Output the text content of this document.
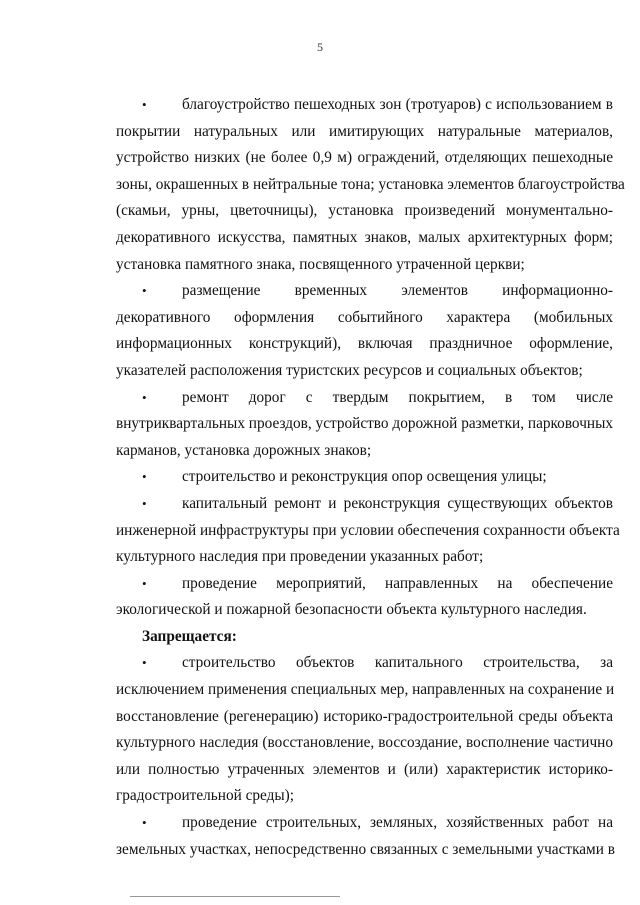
5
•	благоустройство пешеходных зон (тротуаров) с использованием в
покрытии натуральных или имитирующих натуральные материалов,
устройство низких (не более 0,9 м) ограждений, отделяющих пешеходные
зоны, окрашенных в нейтральные тона; установка элементов благоустройства
(скамьи, урны, цветочницы), установка произведений монументально-
декоративного искусства, памятных знаков, малых архитектурных форм;
установка памятного знака, посвященного утраченной церкви;
•	размещение временных элементов информационно-
декоративного оформления событийного характера (мобильных
информационных конструкций), включая праздничное оформление,
указателей расположения туристских ресурсов и социальных объектов;
•	ремонт дорог с твердым покрытием, в том числе
внутриквартальных проездов, устройство дорожной разметки, парковочных
карманов, установка дорожных знаков;
•	строительство и реконструкция опор освещения улицы;
•	капитальный ремонт и реконструкция существующих объектов
инженерной инфраструктуры при условии обеспечения сохранности объекта
культурного наследия при проведении указанных работ;
•	проведение мероприятий, направленных на обеспечение
экологической и пожарной безопасности объекта культурного наследия.
Запрещается:
•	строительство объектов капитального строительства, за
исключением применения специальных мер, направленных на сохранение и
восстановление (регенерацию) историко-градостроительной среды объекта
культурного наследия (восстановление, воссоздание, восполнение частично
или полностью утраченных элементов и (или) характеристик историко-
градостроительной среды);
•	проведение строительных, земляных, хозяйственных работ на
земельных участках, непосредственно связанных с земельными участками в
